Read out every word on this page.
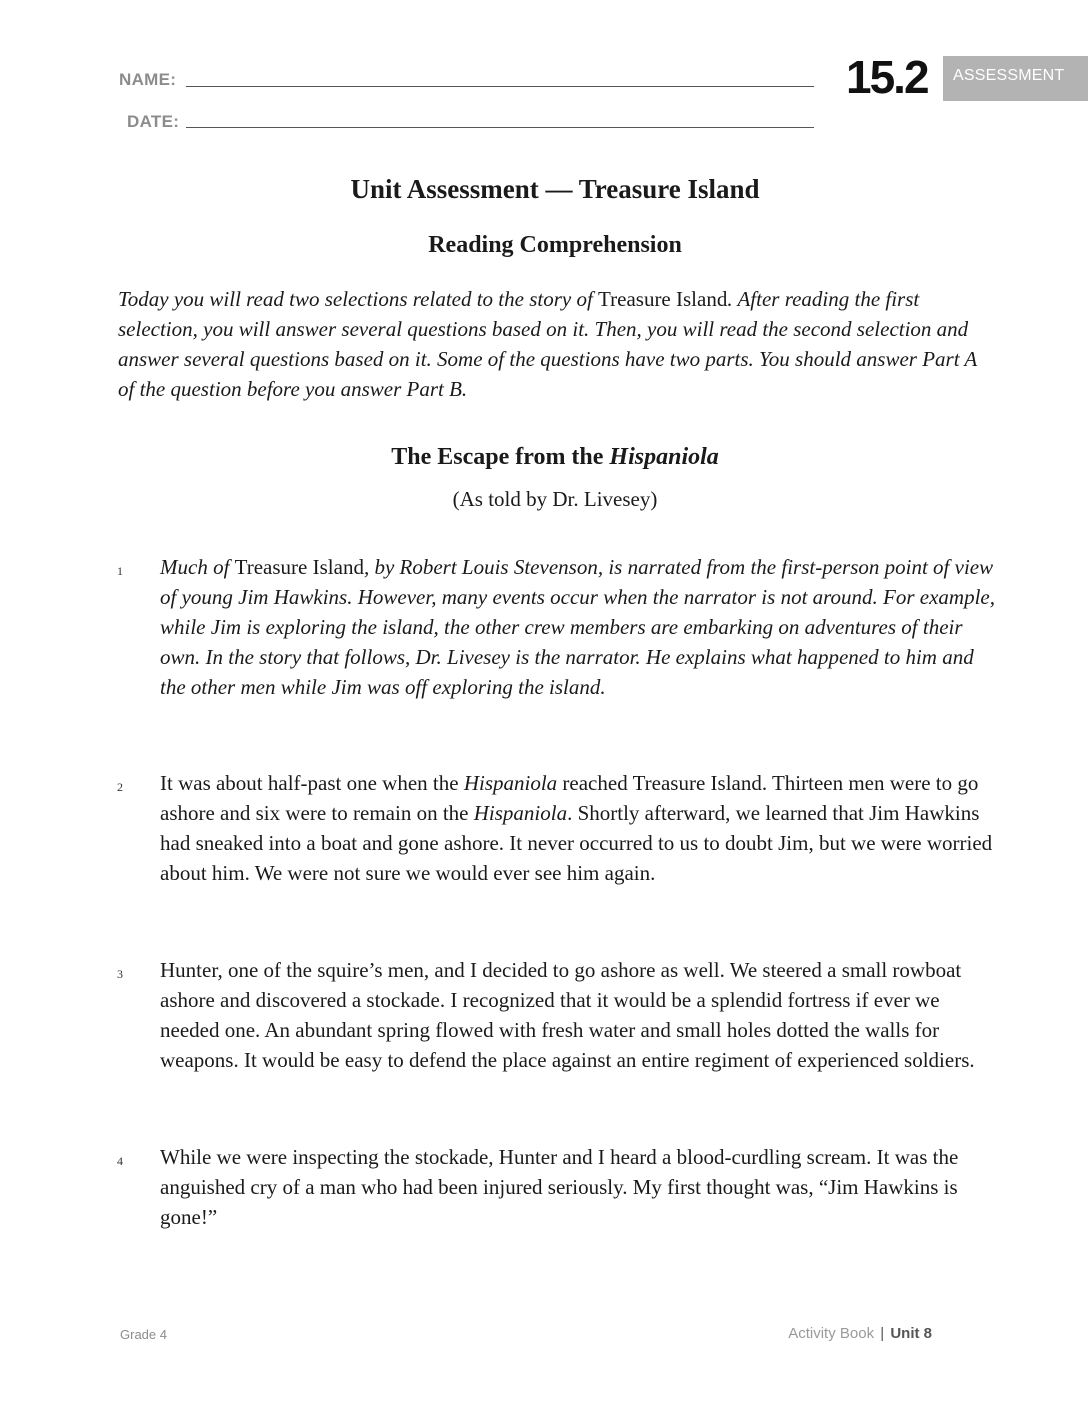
NAME:
DATE:
15.2	ASSESSMENT
Unit Assessment — Treasure Island
Reading Comprehension
Today you will read two selections related to the story of Treasure Island. After reading the first selection, you will answer several questions based on it. Then, you will read the second selection and answer several questions based on it. Some of the questions have two parts. You should answer Part A of the question before you answer Part B.
The Escape from the Hispaniola
(As told by Dr. Livesey)
1 Much of Treasure Island, by Robert Louis Stevenson, is narrated from the first-person point of view of young Jim Hawkins. However, many events occur when the narrator is not around. For example, while Jim is exploring the island, the other crew members are embarking on adventures of their own. In the story that follows, Dr. Livesey is the narrator. He explains what happened to him and the other men while Jim was off exploring the island.
2 It was about half-past one when the Hispaniola reached Treasure Island. Thirteen men were to go ashore and six were to remain on the Hispaniola. Shortly afterward, we learned that Jim Hawkins had sneaked into a boat and gone ashore. It never occurred to us to doubt Jim, but we were worried about him. We were not sure we would ever see him again.
3 Hunter, one of the squire’s men, and I decided to go ashore as well. We steered a small rowboat ashore and discovered a stockade. I recognized that it would be a splendid fortress if ever we needed one. An abundant spring flowed with fresh water and small holes dotted the walls for weapons. It would be easy to defend the place against an entire regiment of experienced soldiers.
4 While we were inspecting the stockade, Hunter and I heard a blood-curdling scream. It was the anguished cry of a man who had been injured seriously. My first thought was, “Jim Hawkins is gone!”
Grade 4	Activity Book | Unit 8
